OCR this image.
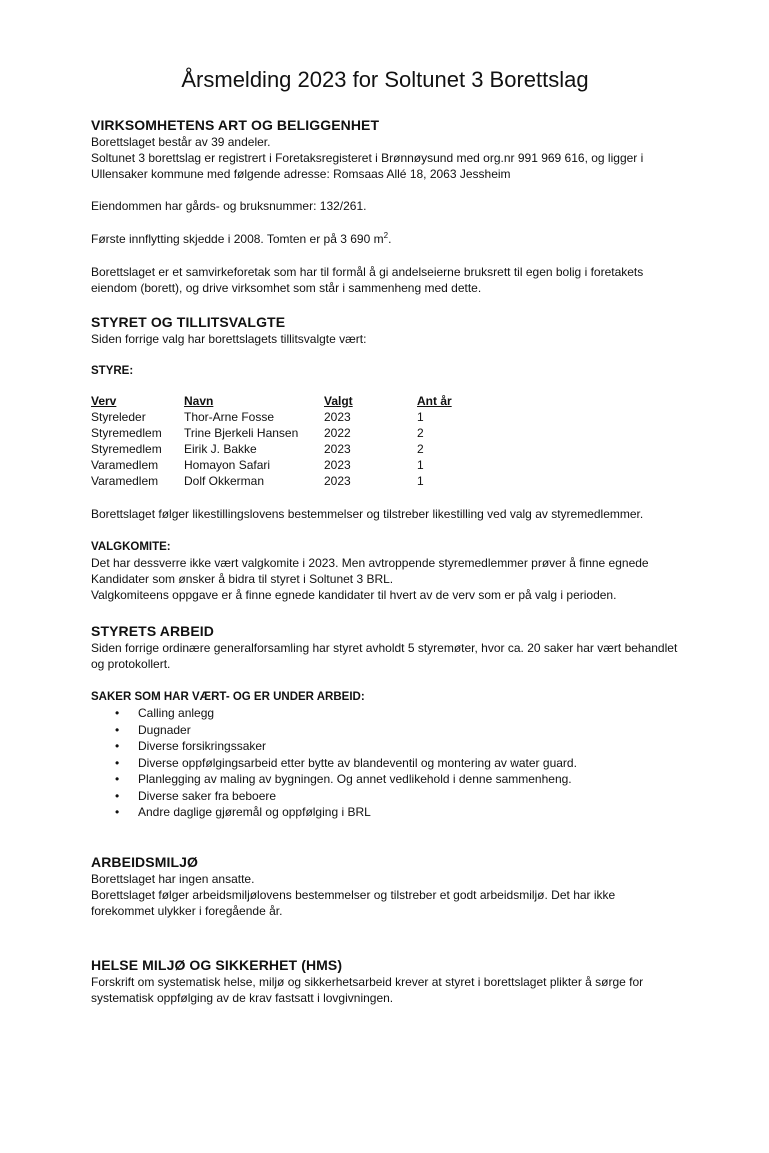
Årsmelding 2023 for Soltunet 3 Borettslag
VIRKSOMHETENS ART OG BELIGGENHET

Borettslaget består av 39 andeler.

Soltunet 3 borettslag er registrert i Foretaksregisteret i Brønnøysund med org.nr 991 969 616, og ligger i

Ullensaker kommune med følgende adresse: Romsaas Allé 18, 2063 Jessheim

Eiendommen har gårds- og bruksnummer: 132/261.

Første innflytting skjedde i 2008. Tomten er på 3 690 $m^2$.

Borettslaget er et samvirkeforetak som har til formål å gi andelseierne bruksrett til egen bolig i foretakets

eiendom (borett), og drive virksomhet som står i sammenheng med dette.

STYRET OG TILLITSVALGTE

Siden forrige valg har borettslagets tillitsvalgte vært:

STYRE:
Verv	Navn	Valgt	Ant år
Styreleder	Thor-Arne Fosse	2023	1
Styremedlem	Trine Bjerkeli Hansen	2022	2
Styremedlem	Eirik J. Bakke	2023	2
Varamedlem	Homayon Safari	2023	1
Varamedlem	Dolf Okkerman	2023	1

Borettslaget følger likestillingslovens bestemmelser og tilstreber likestilling ved valg av styremedlemmer.

VALGKOMITE:

Det har dessverre ikke vært valgkomite i 2023. Men avtroppende styremedlemmer prøver å finne egnede

Kandidater som ønsker å bidra til styret i Soltunet 3 BRL.

Valgkomiteens oppgave er å finne egnede kandidater til hvert av de verv som er på valg i perioden.

STYRETS ARBEID

Siden forrige ordinære generalforsamling har styret avholdt 5 styremøter, hvor ca. 20 saker har vært behandlet

og protokollert.

SAKER SOM HAR VÆRT- OG ER UNDER ARBEID:
• Calling anlegg
• Dugnader
• Diverse forsikringssaker
• Diverse oppfølgingsarbeid etter bytte av blandeventil og montering av water guard.
• Planlegging av maling av bygningen. Og annet vedlikehold i denne sammenheng.
• Diverse saker fra beboere
• Andre daglige gjøremål og oppfølging i BRL
ARBEIDSMILJØ

Borettslaget har ingen ansatte.

Borettslaget følger arbeidsmiljølovens bestemmelser og tilstreber et godt arbeidsmiljø. Det har ikke

forekommet ulykker i foregående år.

HELSE MILJØ OG SIKKERHET (HMS)

Forskrift om systematisk helse, miljø og sikkerhetsarbeid krever at styret i borettslaget plikter å sørge for

systematisk oppfølging av de krav fastsatt i lovgivningen.
